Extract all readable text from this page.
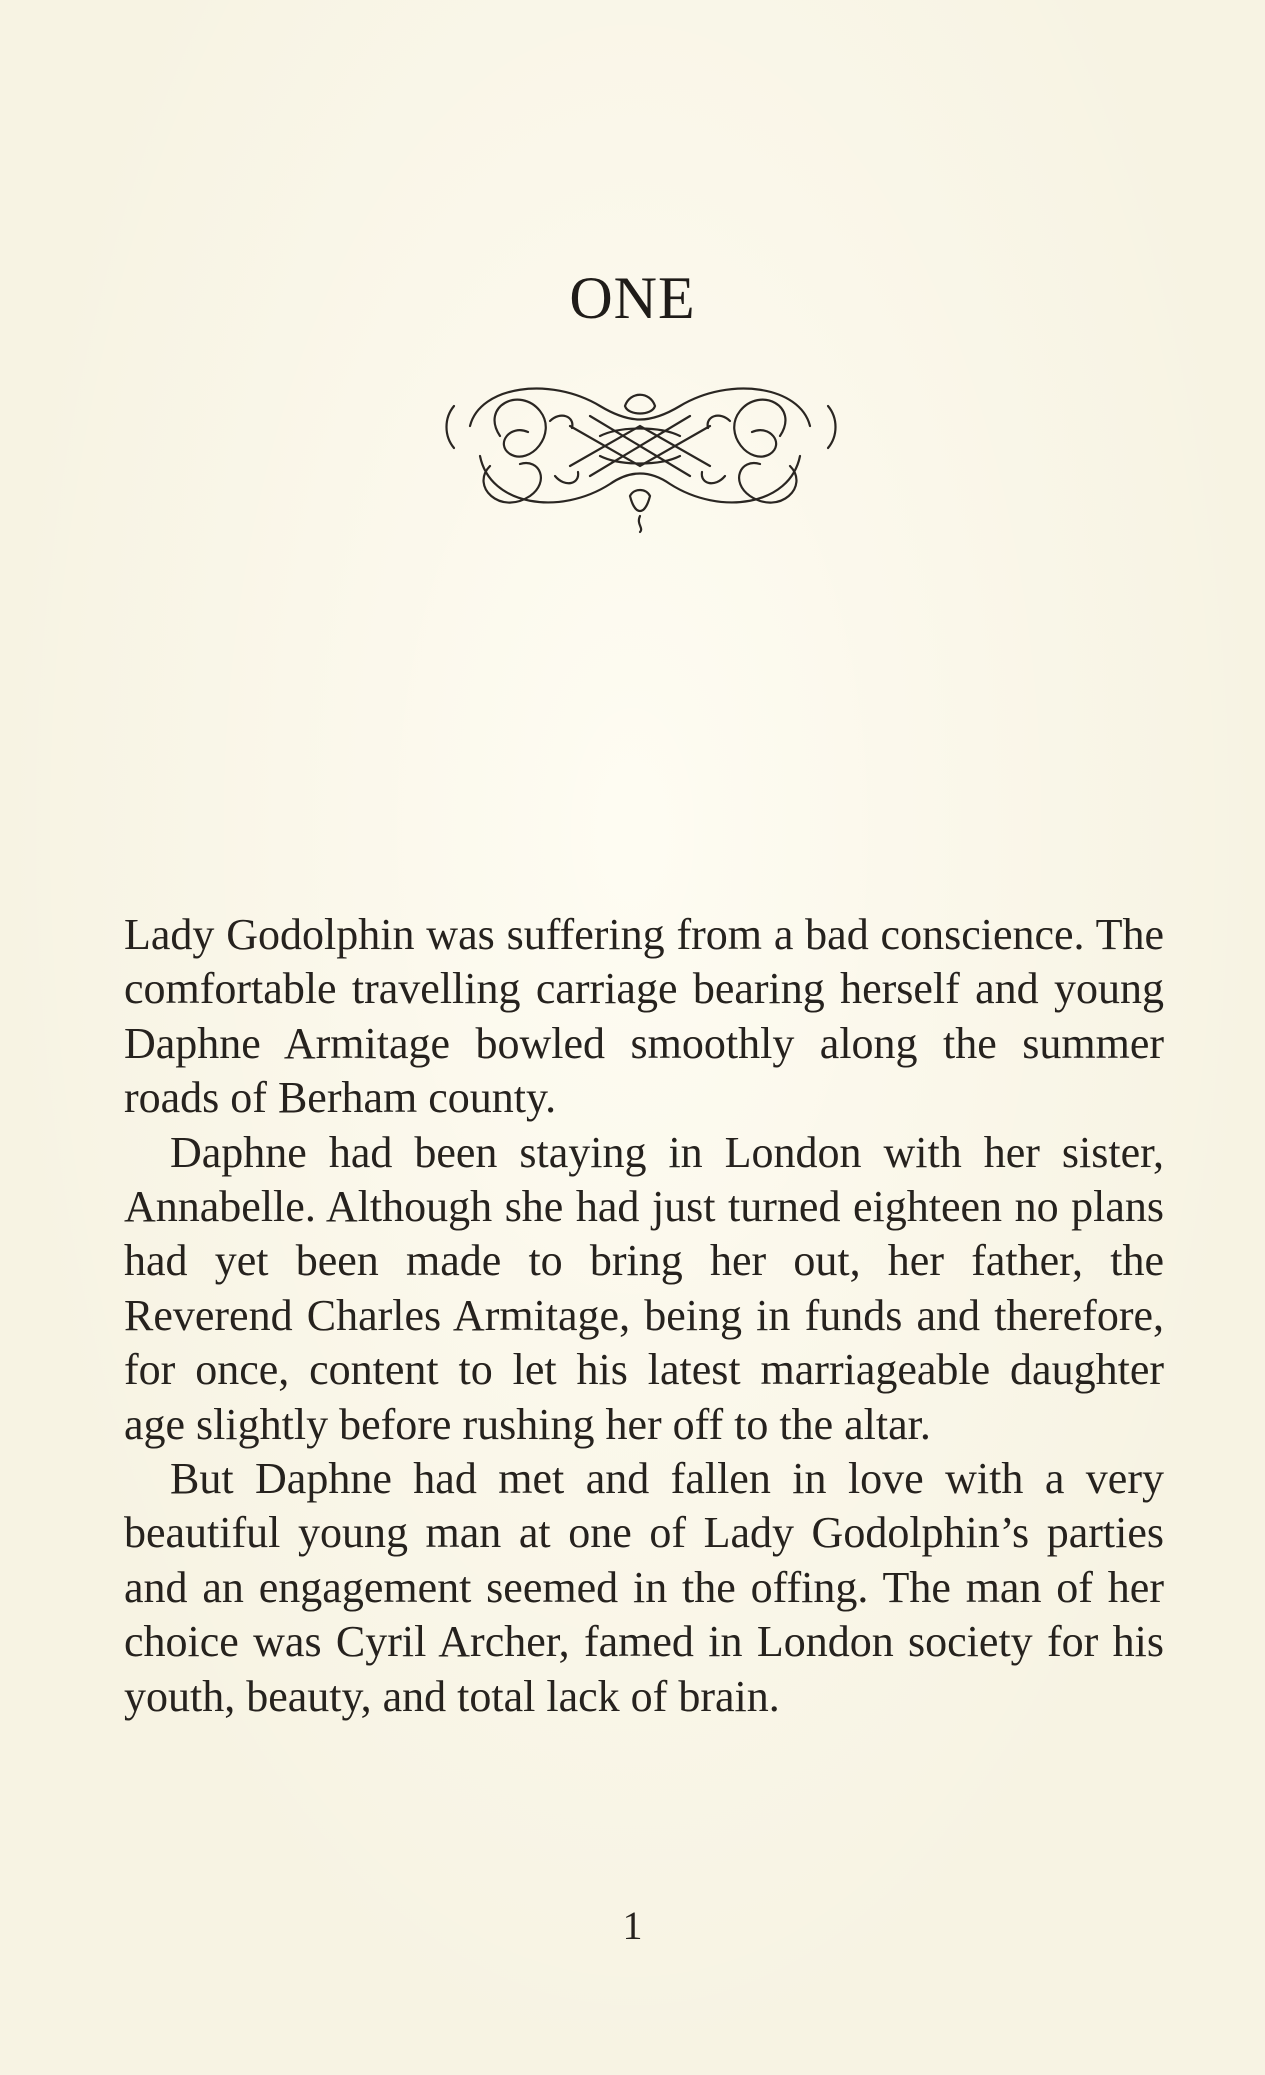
ONE

Lady Godolphin was suffering from a bad conscience. The comfortable travelling carriage bearing herself and young Daphne Armitage bowled smoothly along the summer roads of Berham county.

Daphne had been staying in London with her sister, Annabelle. Although she had just turned eighteen no plans had yet been made to bring her out, her father, the Reverend Charles Armitage, being in funds and therefore, for once, content to let his latest marriageable daughter age slightly before rushing her off to the altar.

But Daphne had met and fallen in love with a very beautiful young man at one of Lady Godolphin’s parties and an engagement seemed in the offing. The man of her choice was Cyril Archer, famed in London society for his youth, beauty, and total lack of brain.

1
